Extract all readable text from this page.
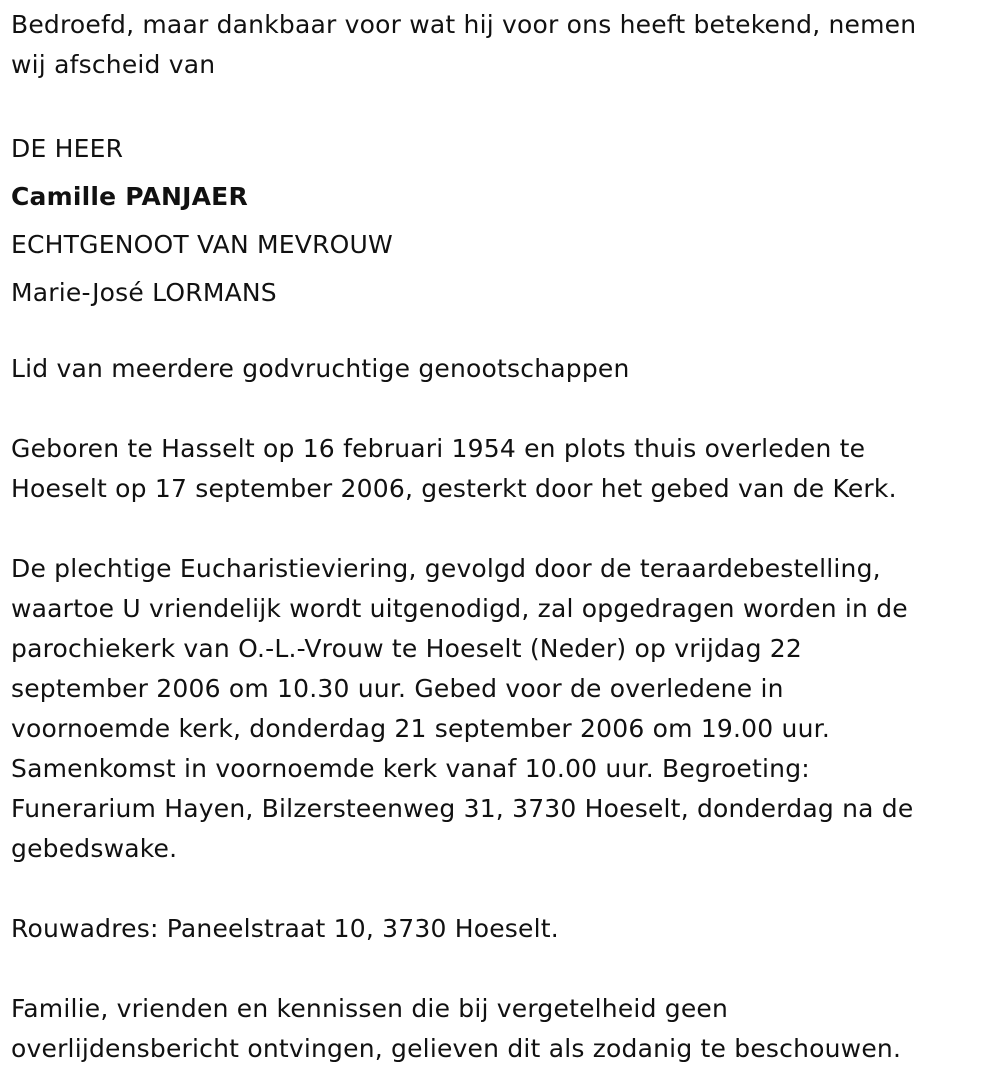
Bedroefd, maar dankbaar voor wat hij voor ons heeft betekend, nemen
wij afscheid van

DE HEER
Camille PANJAER
ECHTGENOOT VAN MEVROUW
Marie-José LORMANS

Lid van meerdere godvruchtige genootschappen

Geboren te Hasselt op 16 februari 1954 en plots thuis overleden te
Hoeselt op 17 september 2006, gesterkt door het gebed van de Kerk.

De plechtige Eucharistieviering, gevolgd door de teraardebestelling,
waartoe U vriendelijk wordt uitgenodigd, zal opgedragen worden in de
parochiekerk van O.-L.-Vrouw te Hoeselt (Neder) op vrijdag 22
september 2006 om 10.30 uur. Gebed voor de overledene in
voornoemde kerk, donderdag 21 september 2006 om 19.00 uur.
Samenkomst in voornoemde kerk vanaf 10.00 uur. Begroeting:
Funerarium Hayen, Bilzersteenweg 31, 3730 Hoeselt, donderdag na de
gebedswake.

Rouwadres: Paneelstraat 10, 3730 Hoeselt.

Familie, vrienden en kennissen die bij vergetelheid geen
overlijdensbericht ontvingen, gelieven dit als zodanig te beschouwen.
